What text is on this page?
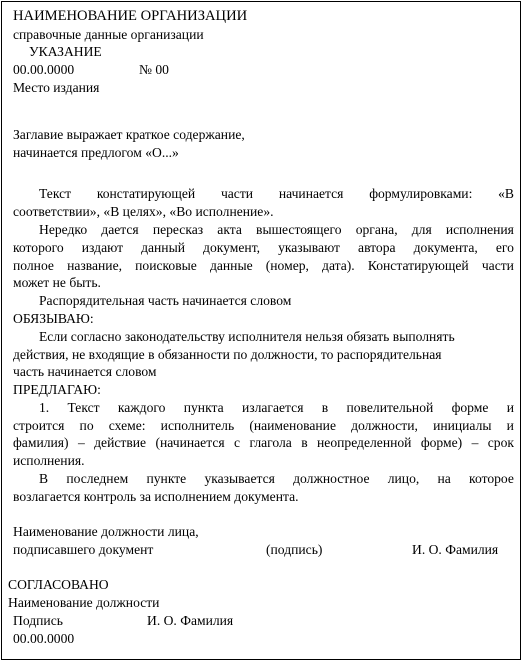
НАИМЕНОВАНИЕ ОРГАНИЗАЦИИ
справочные данные организации
УКАЗАНИЕ
00.00.0000	№ 00
Место издания
Заглавие выражает краткое содержание,
начинается предлогом «О...»
Текст констатирующей части начинается формулировками: «В
соответствии», «В целях», «Во исполнение».
Нередко дается пересказ акта вышестоящего органа, для исполнения
которого издают данный документ, указывают автора документа, его
полное название, поисковые данные (номер, дата). Констатирующей части
может не быть.
Распорядительная часть начинается словом
ОБЯЗЫВАЮ:
Если согласно законодательству исполнителя нельзя обязать выполнять
действия, не входящие в обязанности по должности, то распорядительная
часть начинается словом
ПРЕДЛАГАЮ:
1. Текст каждого пункта излагается в повелительной форме и
строится по схеме: исполнитель (наименование должности, инициалы и
фамилия) – действие (начинается с глагола в неопределенной форме) – срок
исполнения.
В последнем пункте указывается должностное лицо, на которое
возлагается контроль за исполнением документа.
Наименование должности лица,
подписавшего документ	(подпись)	И. О. Фамилия
СОГЛАСОВАНО
Наименование должности
Подпись	И. О. Фамилия
00.00.0000
